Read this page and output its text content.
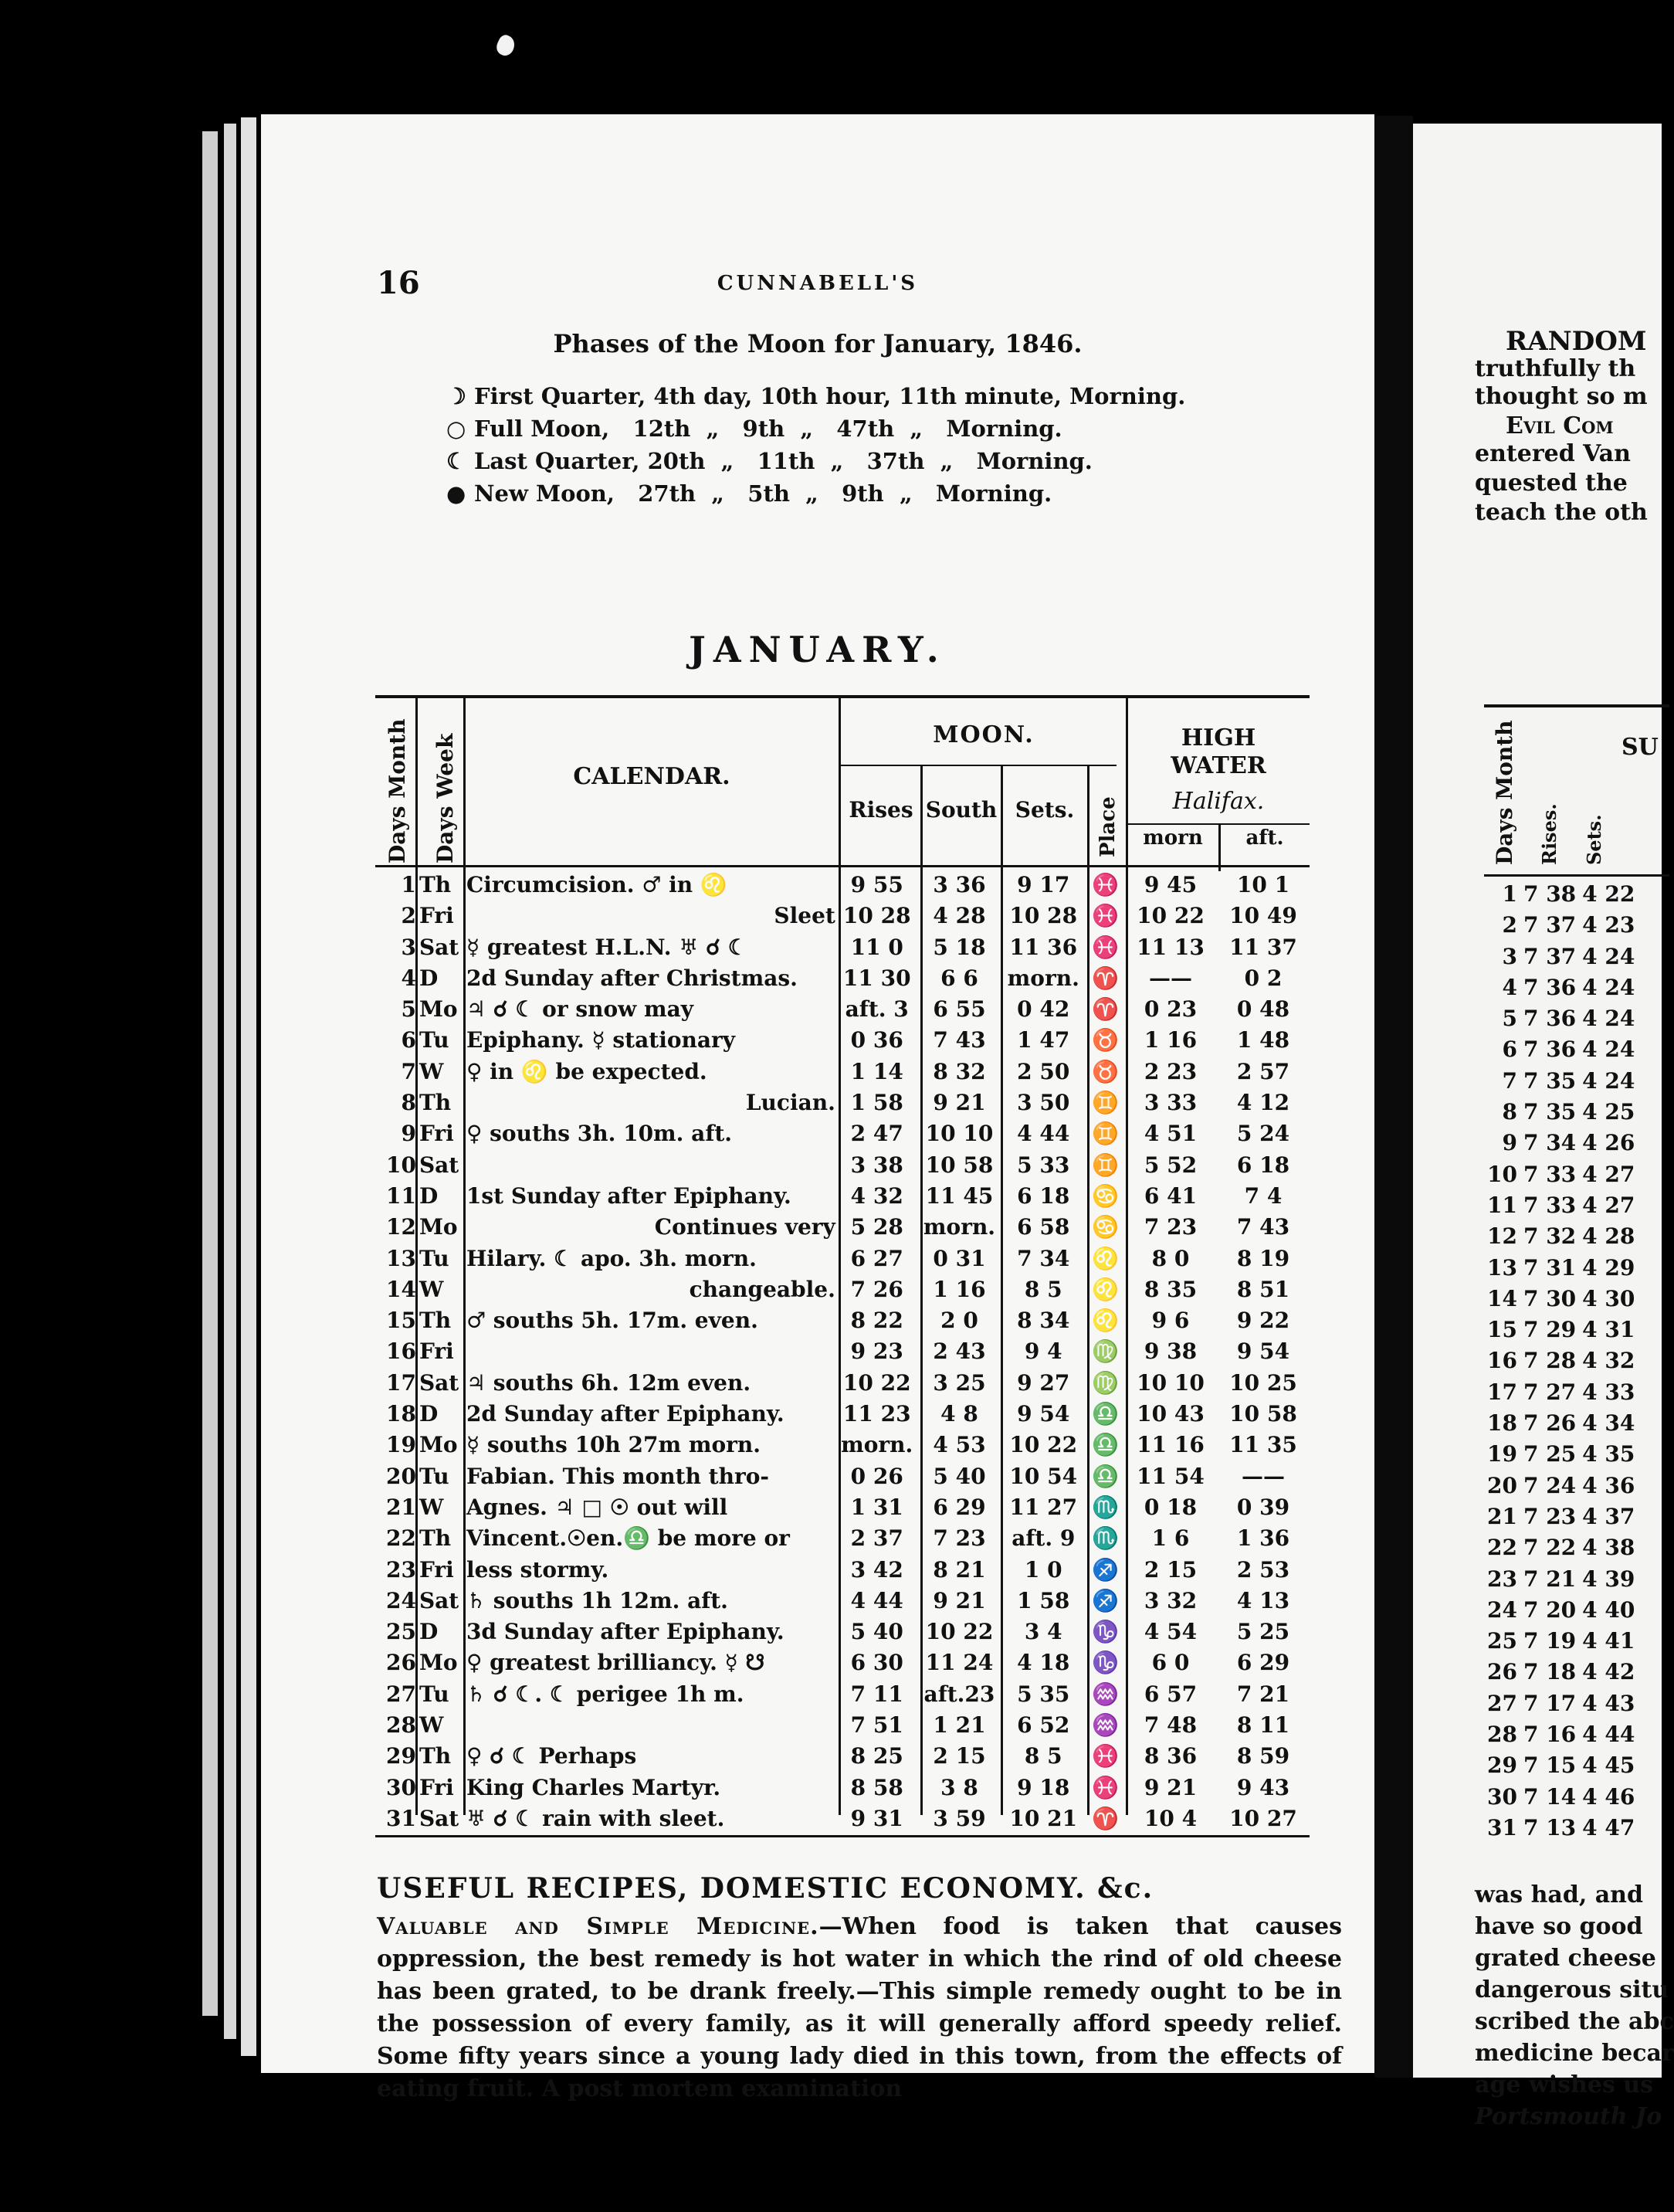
16	CUNNABELL'S
Phases of the Moon for January, 1846.
☽ First Quarter, 4th day, 10th hour, 11th minute, Morning.
○ Full Moon,   12th  „   9th  „   47th  „   Morning.
☾ Last Quarter, 20th  „   11th  „   37th  „   Morning.
● New Moon,   27th  „   5th  „   9th  „   Morning.
JANUARY.
Days Month Days Week	CALENDAR.
MOON.
Rises South Sets.	Place
HIGH
WATER
Halifax.
morn	aft.
1	Th	Circumcision. ♂ in ♌	9 55	3 36	9 17	♓	9 45	10 1
2	Fri	Sleet	10 28	4 28	10 28	♓	10 22	10 49
3	Sat	☿ greatest H.L.N. ♅ ☌ ☾	11 0	5 18	11 36	♓	11 13	11 37
4	D	2d Sunday after Christmas.	11 30	6 6	morn.	♈	——	0 2
5	Mo	♃ ☌ ☾ or snow may	aft. 3	6 55	0 42	♈	0 23	0 48
6	Tu	Epiphany. ☿ stationary	0 36	7 43	1 47	♉	1 16	1 48
7	W	♀ in ♌ be expected.	1 14	8 32	2 50	♉	2 23	2 57
8	Th	Lucian.	1 58	9 21	3 50	♊	3 33	4 12
9	Fri	♀ souths 3h. 10m. aft.	2 47	10 10	4 44	♊	4 51	5 24
10	Sat		3 38	10 58	5 33	♊	5 52	6 18
11	D	1st Sunday after Epiphany.	4 32	11 45	6 18	♋	6 41	7 4
12	Mo	Continues very	5 28	morn.	6 58	♋	7 23	7 43
13	Tu	Hilary. ☾ apo. 3h. morn.	6 27	0 31	7 34	♌	8 0	8 19
14	W	changeable.	7 26	1 16	8 5	♌	8 35	8 51
15	Th	♂ souths 5h. 17m. even.	8 22	2 0	8 34	♌	9 6	9 22
16	Fri		9 23	2 43	9 4	♍	9 38	9 54
17	Sat	♃ souths 6h. 12m even.	10 22	3 25	9 27	♍	10 10	10 25
18	D	2d Sunday after Epiphany.	11 23	4 8	9 54	♎	10 43	10 58
19	Mo	☿ souths 10h 27m morn.	morn.	4 53	10 22	♎	11 16	11 35
20	Tu	Fabian. This month thro-	0 26	5 40	10 54	♎	11 54	——
21	W	Agnes. ♃ □ ☉ out will	1 31	6 29	11 27	♏	0 18	0 39
22	Th	Vincent.☉en.♎ be more or	2 37	7 23	aft. 9	♏	1 6	1 36
23	Fri	less stormy.	3 42	8 21	1 0	♐	2 15	2 53
24	Sat	♄ souths 1h 12m. aft.	4 44	9 21	1 58	♐	3 32	4 13
25	D	3d Sunday after Epiphany.	5 40	10 22	3 4	♑	4 54	5 25
26	Mo	♀ greatest brilliancy. ☿ ☋	6 30	11 24	4 18	♑	6 0	6 29
27	Tu	♄ ☌ ☾. ☾ perigee 1h m.	7 11	aft.23	5 35	♒	6 57	7 21
28	W		7 51	1 21	6 52	♒	7 48	8 11
29	Th	♀ ☌ ☾ Perhaps	8 25	2 15	8 5	♓	8 36	8 59
30	Fri	King Charles Martyr.	8 58	3 8	9 18	♓	9 21	9 43
31	Sat	♅ ☌ ☾ rain with sleet.	9 31	3 59	10 21	♈	10 4	10 27
USEFUL RECIPES, DOMESTIC ECONOMY. &c.
Valuable and Simple Medicine.—When food is taken that causes oppression, the best remedy is hot water in which the rind of old cheese has been grated, to be drank freely.—This simple remedy ought to be in the possession of every family, as it will generally afford speedy relief. Some fifty years since a young lady died in this town, from the effects of eating fruit. A post mortem examination
RANDOM
truthfully th
thought so m
Evil Com
entered Van
quested the
teach the oth
Days Month Rises. Sets.
SU
1	7 38	4 22
2	7 37	4 23
3	7 37	4 24
4	7 36	4 24
5	7 36	4 24
6	7 36	4 24
7	7 35	4 24
8	7 35	4 25
9	7 34	4 26
10	7 33	4 27
11	7 33	4 27
12	7 32	4 28
13	7 31	4 29
14	7 30	4 30
15	7 29	4 31
16	7 28	4 32
17	7 27	4 33
18	7 26	4 34
19	7 25	4 35
20	7 24	4 36
21	7 23	4 37
22	7 22	4 38
23	7 21	4 39
24	7 20	4 40
25	7 19	4 41
26	7 18	4 42
27	7 17	4 43
28	7 16	4 44
29	7 15	4 45
30	7 14	4 46
31	7 13	4 47
was had, and
have so good
grated cheese
dangerous situ
scribed the abc
medicine becar
age wishes us
Portsmouth Jo
